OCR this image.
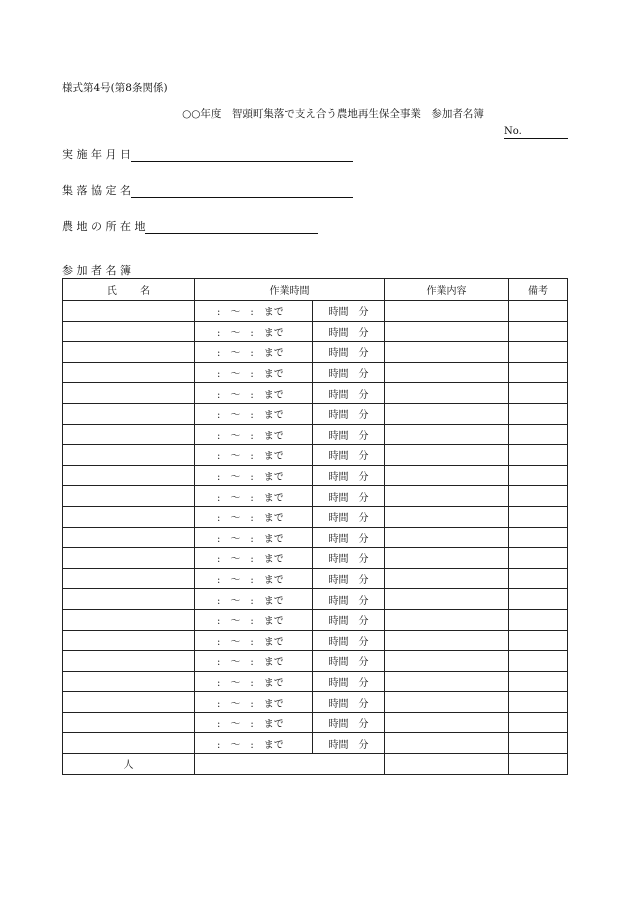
様式第4号(第8条関係)
○○年度　智頭町集落で支え合う農地再生保全事業　参加者名簿
No.
実 施 年 月 日
集 落 協 定 名
農 地 の 所 在 地
参 加 者 名 簿
氏　　 名	作業時間		作業内容	備考
	:　～　:　まで	時間　分		
	:　～　:　まで	時間　分		
	:　～　:　まで	時間　分		
	:　～　:　まで	時間　分		
	:　～　:　まで	時間　分		
	:　～　:　まで	時間　分		
	:　～　:　まで	時間　分		
	:　～　:　まで	時間　分		
	:　～　:　まで	時間　分		
	:　～　:　まで	時間　分		
	:　～　:　まで	時間　分		
	:　～　:　まで	時間　分		
	:　～　:　まで	時間　分		
	:　～　:　まで	時間　分		
	:　～　:　まで	時間　分		
	:　～　:　まで	時間　分		
	:　～　:　まで	時間　分		
	:　～　:　まで	時間　分		
	:　～　:　まで	時間　分		
	:　～　:　まで	時間　分		
	:　～　:　まで	時間　分		
	:　～　:　まで	時間　分		
人				
